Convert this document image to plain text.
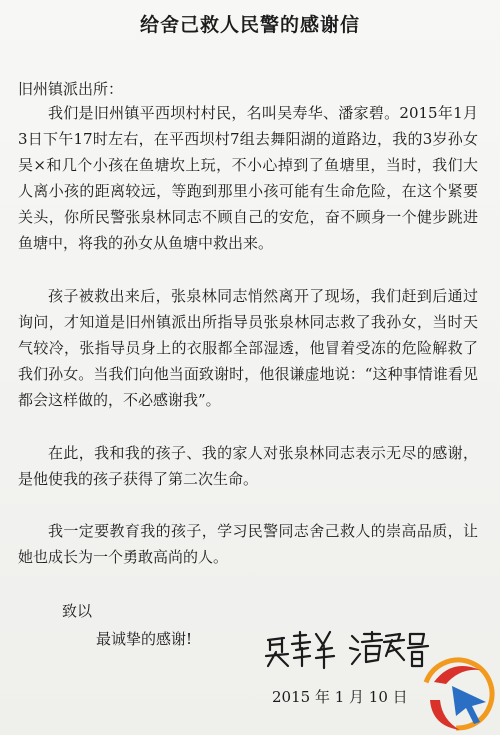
给舍己救人民警的感谢信
旧州镇派出所：
我们是旧州镇平西坝村村民，名叫吴寿华、潘家碧。2015年1月3日下午17时左右，在平西坝村7组去舞阳湖的道路边，我的3岁孙女吴×和几个小孩在鱼塘坎上玩，不小心掉到了鱼塘里，当时，我们大人离小孩的距离较远，等跑到那里小孩可能有生命危险，在这个紧要关头，你所民警张泉林同志不顾自己的安危，奋不顾身一个健步跳进鱼塘中，将我的孙女从鱼塘中救出来。
孩子被救出来后，张泉林同志悄然离开了现场，我们赶到后通过询问，才知道是旧州镇派出所指导员张泉林同志救了我孙女，当时天气较冷，张指导员身上的衣服都全部湿透，他冒着受冻的危险解救了我们孙女。当我们向他当面致谢时，他很谦虚地说：“这种事情谁看见都会这样做的，不必感谢我”。
在此，我和我的孩子、我的家人对张泉林同志表示无尽的感谢，是他使我的孩子获得了第二次生命。
我一定要教育我的孩子，学习民警同志舍己救人的崇高品质，让她也成长为一个勇敢高尚的人。
致以
最诚挚的感谢!
2015 年 1 月 10 日
